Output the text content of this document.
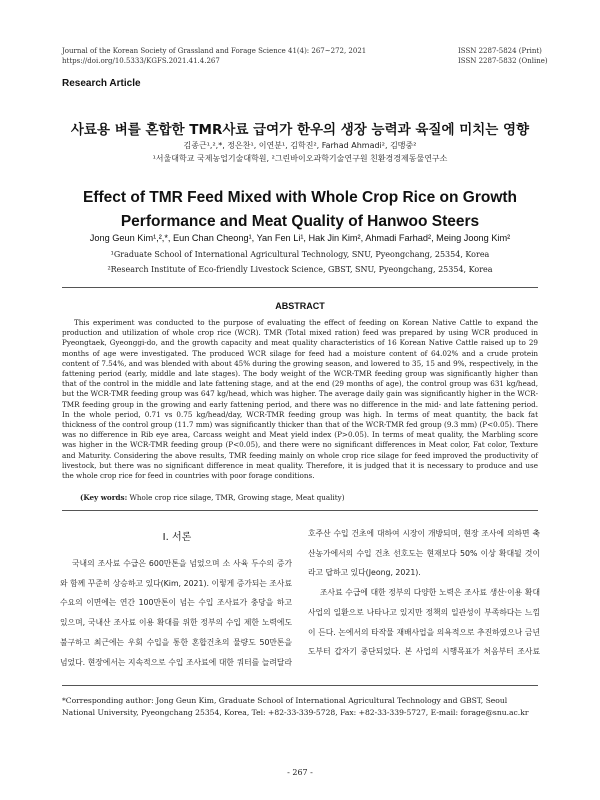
Journal of the Korean Society of Grassland and Forage Science 41(4): 267~272, 2021
https://doi.org/10.5333/KGFS.2021.41.4.267
ISSN 2287-5824 (Print)
ISSN 2287-5832 (Online)
Research Article
사료용 벼를 혼합한 TMR사료 급여가 한우의 생장 능력과 육질에 미치는 영향
김종근¹,²,*, 정은찬¹, 이연분¹, 김학진², Farhad Ahmadi², 김맹중²
¹서울대학교 국제농업기술대학원, ²그린바이오과학기술연구원 친환경경제동물연구소
Effect of TMR Feed Mixed with Whole Crop Rice on Growth Performance and Meat Quality of Hanwoo Steers
Jong Geun Kim¹,²,*, Eun Chan Cheong¹, Yan Fen Li¹, Hak Jin Kim², Ahmadi Farhad², Meing Joong Kim²
¹Graduate School of International Agricultural Technology, SNU, Pyeongchang, 25354, Korea
²Research Institute of Eco-friendly Livestock Science, GBST, SNU, Pyeongchang, 25354, Korea
ABSTRACT
This experiment was conducted to the purpose of evaluating the effect of feeding on Korean Native Cattle to expand the production and utilization of whole crop rice (WCR). TMR (Total mixed ration) feed was prepared by using WCR produced in Pyeongtaek, Gyeonggi-do, and the growth capacity and meat quality characteristics of 16 Korean Native Cattle raised up to 29 months of age were investigated. The produced WCR silage for feed had a moisture content of 64.02% and a crude protein content of 7.54%, and was blended with about 45% during the growing season, and lowered to 35, 15 and 9%, respectively, in the fattening period (early, middle and late stages). The body weight of the WCR-TMR feeding group was significantly higher than that of the control in the middle and late fattening stage, and at the end (29 months of age), the control group was 631 kg/head, but the WCR-TMR feeding group was 647 kg/head, which was higher. The average daily gain was significantly higher in the WCR-TMR feeding group in the growing and early fattening period, and there was no difference in the mid- and late fattening period. In the whole period, 0.71 vs 0.75 kg/head/day, WCR-TMR feeding group was high. In terms of meat quantity, the back fat thickness of the control group (11.7 mm) was significantly thicker than that of the WCR-TMR fed group (9.3 mm) (P<0.05). There was no difference in Rib eye area, Carcass weight and Meat yield index (P>0.05). In terms of meat quality, the Marbling score was higher in the WCR-TMR feeding group (P<0.05), and there were no significant differences in Meat color, Fat color, Texture and Maturity. Considering the above results, TMR feeding mainly on whole crop rice silage for feed improved the productivity of livestock, but there was no significant difference in meat quality. Therefore, it is judged that it is necessary to produce and use the whole crop rice for feed in countries with poor forage conditions.
(Key words: Whole crop rice silage, TMR, Growing stage, Meat quality)
Ⅰ. 서론

국내의 조사료 수급은 600만톤을 넘었으며 소 사육 두수의 증가와 함께 꾸준히 상승하고 있다(Kim, 2021). 이렇게 증가되는 조사료 수요의 이면에는 연간 100만톤이 넘는 수입 조사료가 충당을 하고 있으며, 국내산 조사료 이용 확대를 위한 정부의 수입 제한 노력에도 불구하고 최근에는 우회 수입을 통한 혼합건초의 물량도 50만톤을 넘었다. 현장에서는 지속적으로 수입 조사료에 대한 쿼터를 늘려달라

호주산 수입 건초에 대하여 시장이 개방되며, 현장 조사에 의하면 축산농가에서의 수입 건초 선호도는 현재보다 50% 이상 확대될 것이라고 답하고 있다(Jeong, 2021).

조사료 수급에 대한 정부의 다양한 노력은 조사료 생산·이용 확대 사업의 일환으로 나타나고 있지만 정책의 일관성이 부족하다는 느낌이 든다. 논에서의 타작물 재배사업을 의욕적으로 추진하였으나 금년도부터 갑자기 중단되었다. 본 사업의 시행목표가 처음부터 조사료

*Corresponding author: Jong Geun Kim, Graduate School of International Agricultural Technology and GBST, Seoul National University, Pyeongchang 25354, Korea, Tel: +82-33-339-5728, Fax: +82-33-339-5727, E-mail: forage@snu.ac.kr
- 267 -
